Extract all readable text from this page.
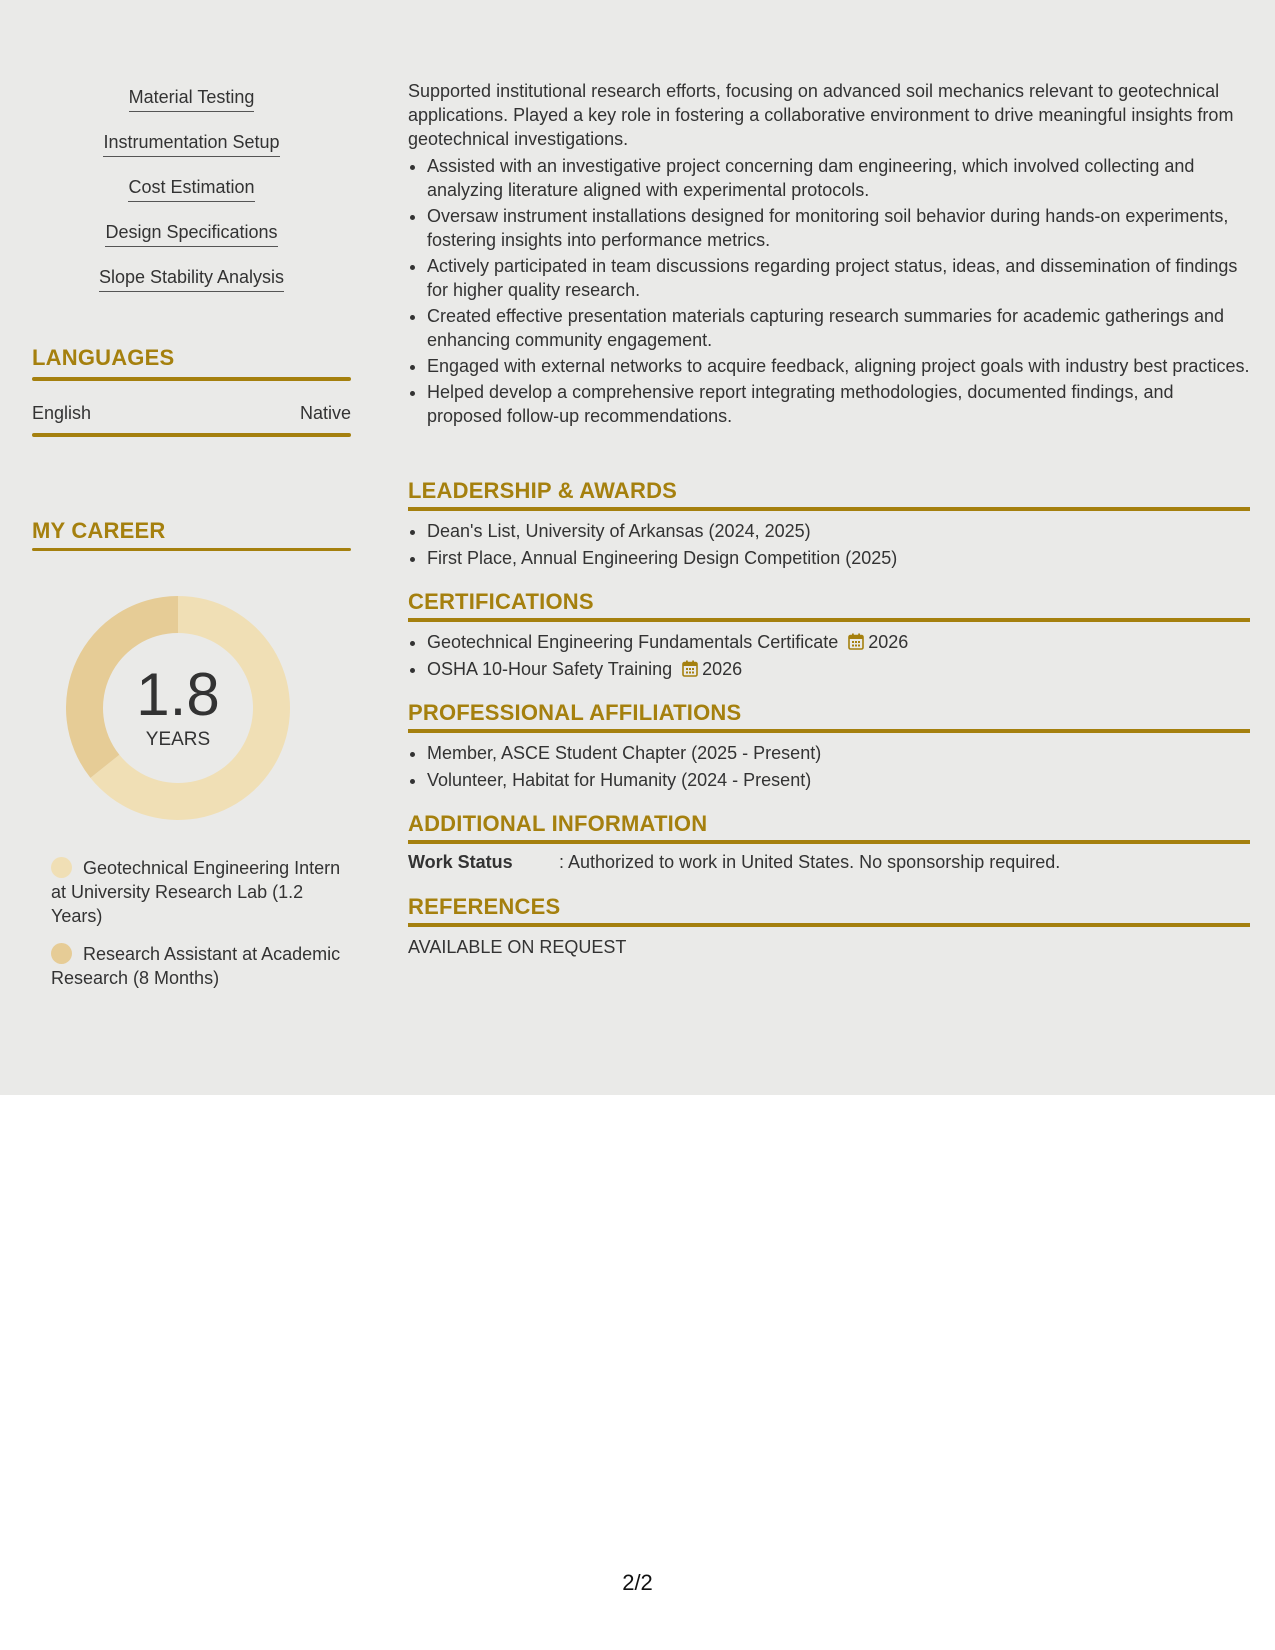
Material Testing
Instrumentation Setup
Cost Estimation
Design Specifications
Slope Stability Analysis
LANGUAGES
English	Native
MY CAREER
1.8
YEARS
Geotechnical Engineering Intern at University Research Lab (1.2 Years)
Research Assistant at Academic Research (8 Months)

Supported institutional research efforts, focusing on advanced soil mechanics relevant to geotechnical applications. Played a key role in fostering a collaborative environment to drive meaningful insights from geotechnical investigations.

• Assisted with an investigative project concerning dam engineering, which involved collecting and analyzing literature aligned with experimental protocols.
• Oversaw instrument installations designed for monitoring soil behavior during hands-on experiments, fostering insights into performance metrics.
• Actively participated in team discussions regarding project status, ideas, and dissemination of findings for higher quality research.
• Created effective presentation materials capturing research summaries for academic gatherings and enhancing community engagement.
• Engaged with external networks to acquire feedback, aligning project goals with industry best practices.
• Helped develop a comprehensive report integrating methodologies, documented findings, and proposed follow-up recommendations.
LEADERSHIP & AWARDS
• Dean's List, University of Arkansas (2024, 2025)
• First Place, Annual Engineering Design Competition (2025)
CERTIFICATIONS
• Geotechnical Engineering Fundamentals Certificate 2026
• OSHA 10-Hour Safety Training 2026
PROFESSIONAL AFFILIATIONS
• Member, ASCE Student Chapter (2025 - Present)
• Volunteer, Habitat for Humanity (2024 - Present)
ADDITIONAL INFORMATION
Work Status	: Authorized to work in United States. No sponsorship required.
REFERENCES
AVAILABLE ON REQUEST
2/2
